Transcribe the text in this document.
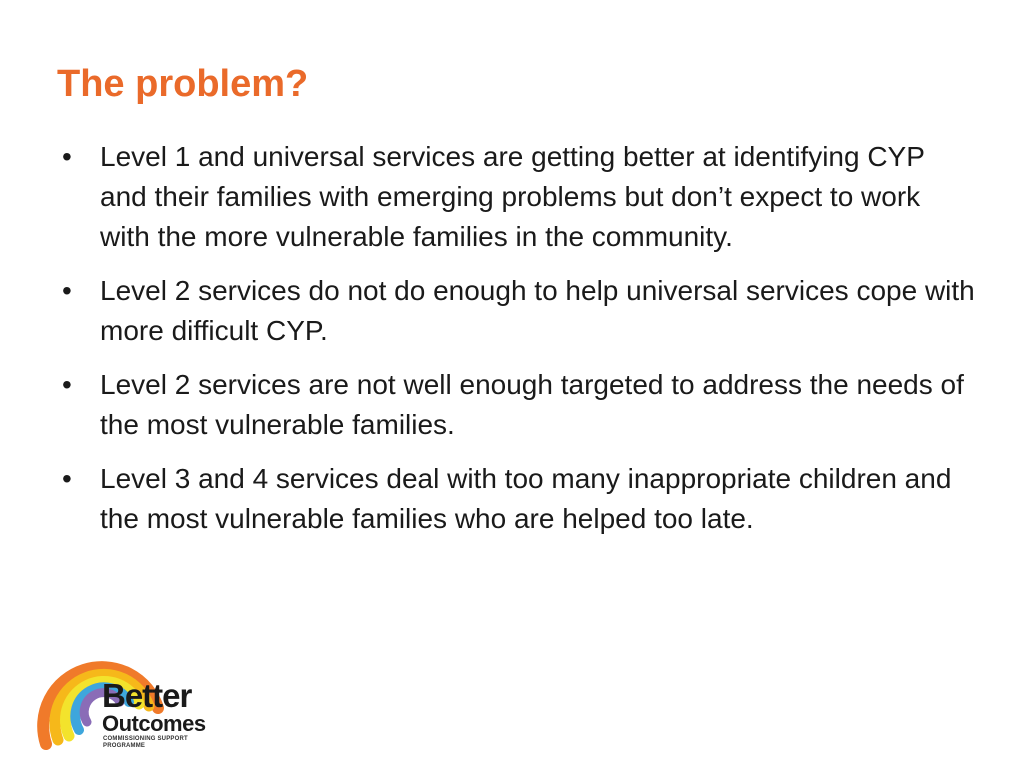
The problem?
• Level 1 and universal services are getting better at identifying CYP and their families with emerging problems but don’t expect to work with the more vulnerable families in the community.
• Level 2 services do not do enough to help universal services cope with more difficult CYP.
• Level 2 services are not well enough targeted to address the needs of the most vulnerable families.
• Level 3 and 4 services deal with too many inappropriate children and the most vulnerable families who are helped too late.
Better
Outcomes
COMMISSIONING SUPPORT
PROGRAMME
